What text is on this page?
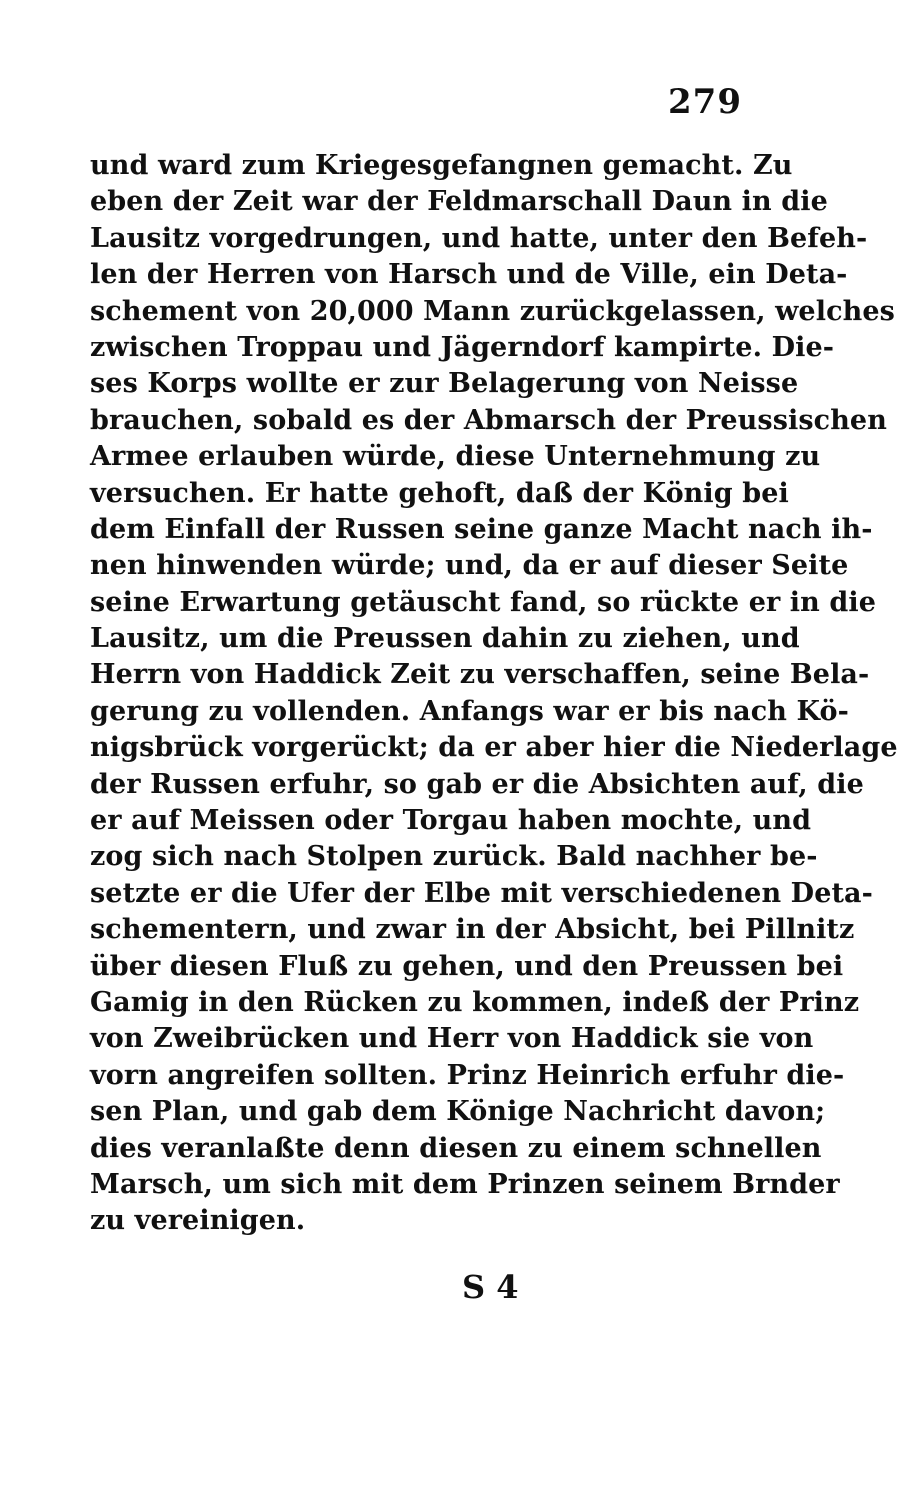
279
und ward zum Kriegesgefangnen gemacht. Zu
eben der Zeit war der Feldmarschall Daun in die
Lausitz vorgedrungen, und hatte, unter den Befeh-
len der Herren von Harsch und de Ville, ein Deta-
schement von 20,000 Mann zurückgelassen, welches
zwischen Troppau und Jägerndorf kampirte. Die-
ses Korps wollte er zur Belagerung von Neisse
brauchen, sobald es der Abmarsch der Preussischen
Armee erlauben würde, diese Unternehmung zu
versuchen. Er hatte gehoft, daß der König bei
dem Einfall der Russen seine ganze Macht nach ih-
nen hinwenden würde; und, da er auf dieser Seite
seine Erwartung getäuscht fand, so rückte er in die
Lausitz, um die Preussen dahin zu ziehen, und
Herrn von Haddick Zeit zu verschaffen, seine Bela-
gerung zu vollenden. Anfangs war er bis nach Kö-
nigsbrück vorgerückt; da er aber hier die Niederlage
der Russen erfuhr, so gab er die Absichten auf, die
er auf Meissen oder Torgau haben mochte, und
zog sich nach Stolpen zurück. Bald nachher be-
setzte er die Ufer der Elbe mit verschiedenen Deta-
schementern, und zwar in der Absicht, bei Pillnitz
über diesen Fluß zu gehen, und den Preussen bei
Gamig in den Rücken zu kommen, indeß der Prinz
von Zweibrücken und Herr von Haddick sie von
vorn angreifen sollten. Prinz Heinrich erfuhr die-
sen Plan, und gab dem Könige Nachricht davon;
dies veranlaßte denn diesen zu einem schnellen
Marsch, um sich mit dem Prinzen seinem Brnder
zu vereinigen.
S 4
